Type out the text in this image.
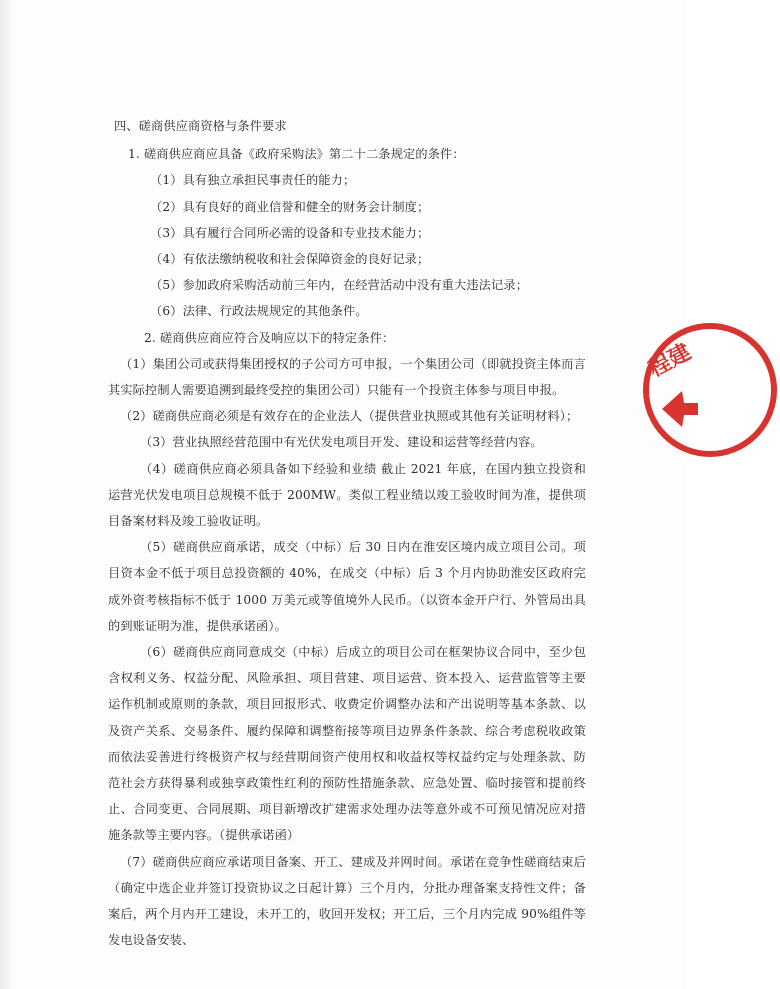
四、磋商供应商资格与条件要求

1. 磋商供应商应具备《政府采购法》第二十二条规定的条件：

（1）具有独立承担民事责任的能力；

（2）具有良好的商业信誉和健全的财务会计制度；

（3）具有履行合同所必需的设备和专业技术能力；

（4）有依法缴纳税收和社会保障资金的良好记录；

（5）参加政府采购活动前三年内，在经营活动中没有重大违法记录；

（6）法律、行政法规规定的其他条件。

2. 磋商供应商应符合及响应以下的特定条件：

（1）集团公司或获得集团授权的子公司方可申报，一个集团公司（即就投资主体而言其实际控制人需要追溯到最终受控的集团公司）只能有一个投资主体参与项目申报。

（2）磋商供应商必须是有效存在的企业法人（提供营业执照或其他有关证明材料）；

（3）营业执照经营范围中有光伏发电项目开发、建设和运营等经营内容。

（4）磋商供应商必须具备如下经验和业绩 截止 2021 年底，在国内独立投资和运营光伏发电项目总规模不低于 200MW。类似工程业绩以竣工验收时间为准，提供项目备案材料及竣工验收证明。

（5）磋商供应商承诺，成交（中标）后 30 日内在淮安区境内成立项目公司。项目资本金不低于项目总投资额的 40%，在成交（中标）后 3 个月内协助淮安区政府完成外资考核指标不低于 1000 万美元或等值境外人民币。（以资本金开户行、外管局出具的到账证明为准，提供承诺函）。

（6）磋商供应商同意成交（中标）后成立的项目公司在框架协议合同中，至少包含权利义务、权益分配、风险承担、项目营建、项目运营、资本投入、运营监管等主要运作机制或原则的条款，项目回报形式、收费定价调整办法和产出说明等基本条款、以及资产关系、交易条件、履约保障和调整衔接等项目边界条件条款、综合考虑税收政策而依法妥善进行终极资产权与经营期间资产使用权和收益权等权益约定与处理条款、防范社会方获得暴利或独享政策性红利的预防性措施条款、应急处置、临时接管和提前终止、合同变更、合同展期、项目新增改扩建需求处理办法等意外或不可预见情况应对措施条款等主要内容。（提供承诺函）

（7）磋商供应商应承诺项目备案、开工、建成及并网时间。承诺在竞争性磋商结束后（确定中选企业并签订投资协议之日起计算）三个月内，分批办理备案支持性文件；备案后，两个月内开工建设，未开工的，收回开发权；开工后，三个月内完成 90%组件等发电设备安装、

程建
